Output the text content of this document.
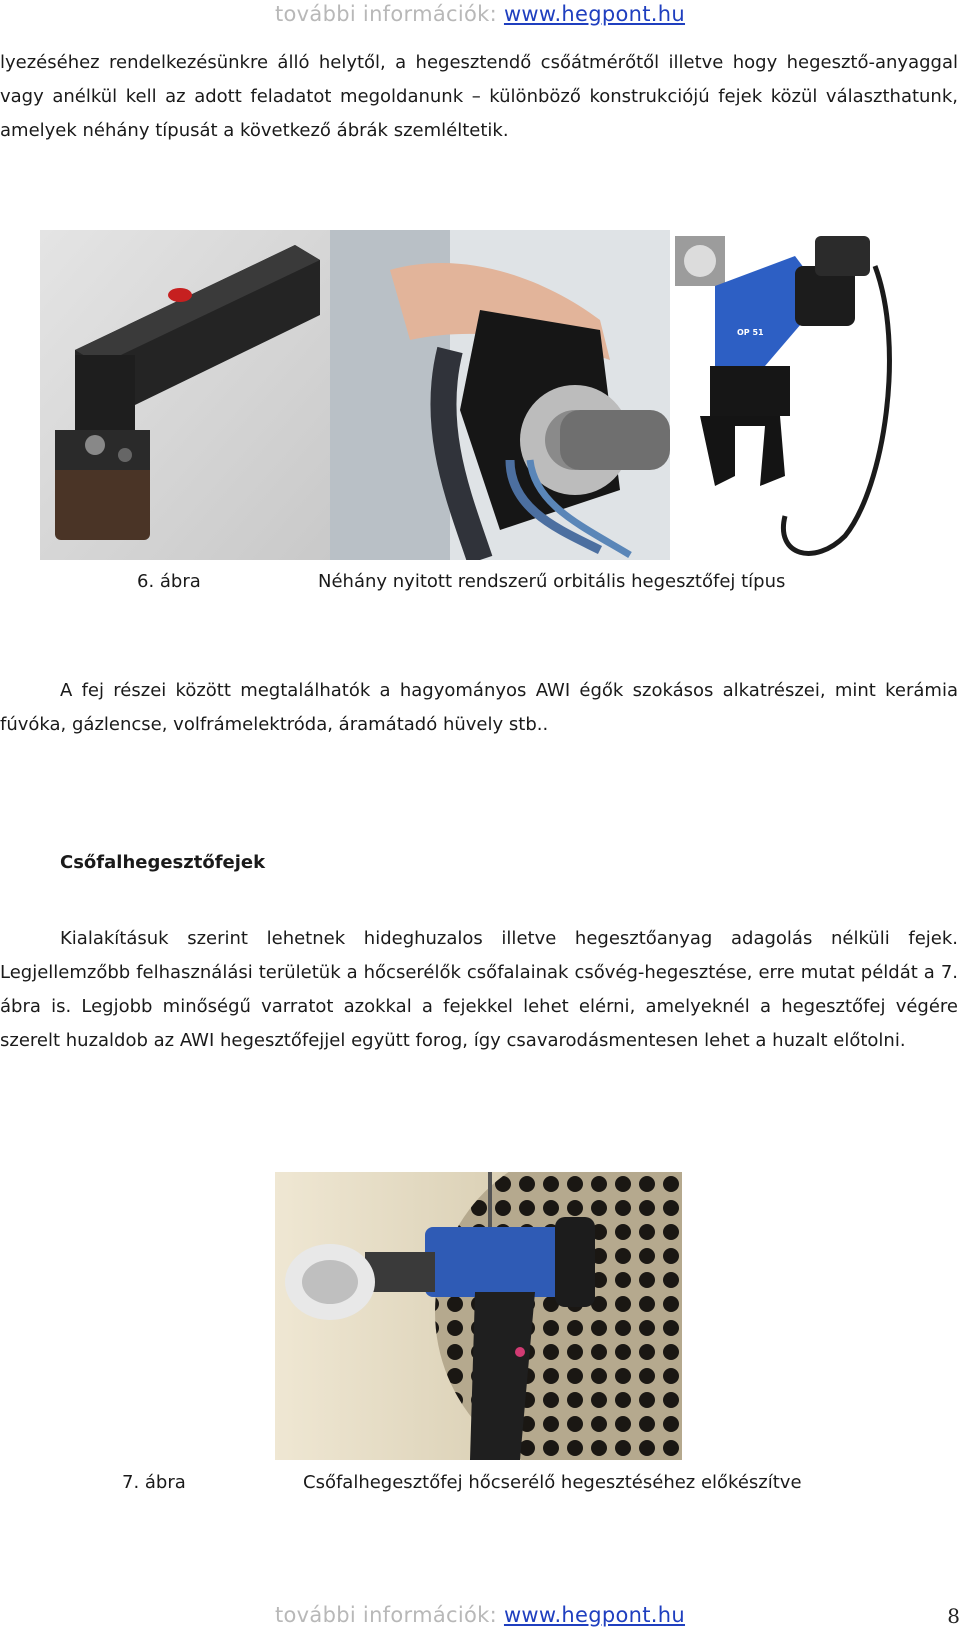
további információk: www.hegpont.hu

lyezéséhez rendelkezésünkre álló helytől, a hegesztendő csőátmérőtől illetve hogy hegesztő-anyaggal vagy anélkül kell az adott feladatot megoldanunk – különböző konstrukciójú fejek közül választhatunk, amelyek néhány típusát a következő ábrák szemléltetik.

OP 51
6. ábra	Néhány nyitott rendszerű orbitális hegesztőfej típus

A fej részei között megtalálhatók a hagyományos AWI égők szokásos alkatrészei, mint kerámia fúvóka, gázlencse, volfrámelektróda, áramátadó hüvely stb..

Csőfalhegesztőfejek

Kialakításuk szerint lehetnek hideghuzalos illetve hegesztőanyag adagolás nélküli fejek. Legjellemzőbb felhasználási területük a hőcserélők csőfalainak csővég-hegesztése, erre mutat példát a 7. ábra is. Legjobb minőségű varratot azokkal a fejekkel lehet elérni, amelyeknél a hegesztőfej végére szerelt huzaldob az AWI hegesztőfejjel együtt forog, így csavarodásmentesen lehet a huzalt előtolni.

7. ábra	Csőfalhegesztőfej hőcserélő hegesztéséhez előkészítve
további információk: www.hegpont.hu	8
